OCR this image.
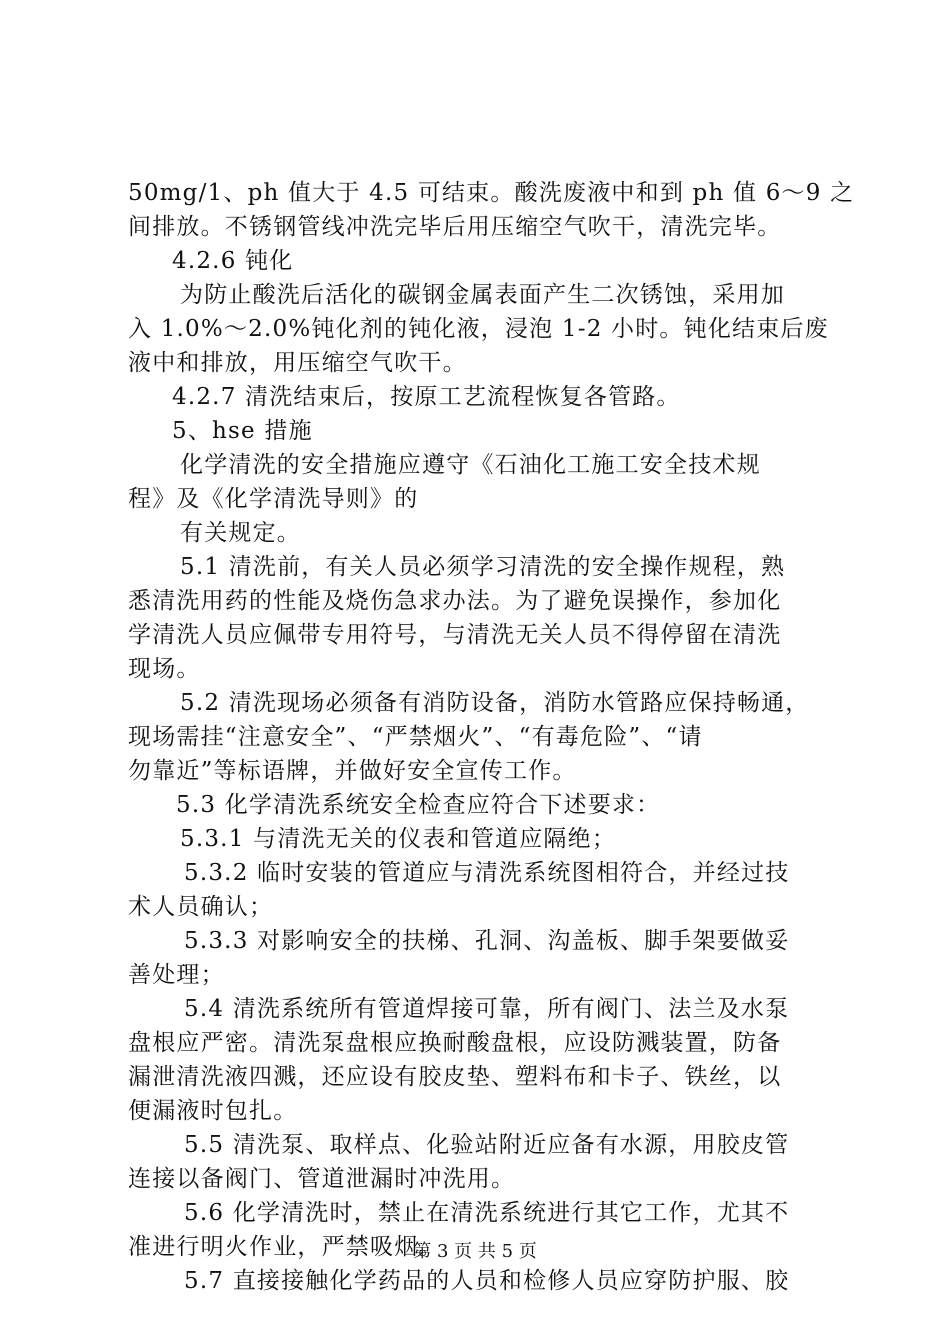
50mg/1、ph 值大于 4.5 可结束。酸洗废液中和到 ph 值 6～9 之
间排放。不锈钢管线冲洗完毕后用压缩空气吹干，清洗完毕。
4.2.6 钝化
为防止酸洗后活化的碳钢金属表面产生二次锈蚀，采用加
入 1.0%～2.0%钝化剂的钝化液，浸泡 1-2 小时。钝化结束后废
液中和排放，用压缩空气吹干。
4.2.7 清洗结束后，按原工艺流程恢复各管路。
5、hse 措施
化学清洗的安全措施应遵守《石油化工施工安全技术规
程》及《化学清洗导则》的
有关规定。
5.1 清洗前，有关人员必须学习清洗的安全操作规程，熟
悉清洗用药的性能及烧伤急求办法。为了避免误操作，参加化
学清洗人员应佩带专用符号，与清洗无关人员不得停留在清洗
现场。
5.2 清洗现场必须备有消防设备，消防水管路应保持畅通，
现场需挂“注意安全”、“严禁烟火”、“有毒危险”、“请
勿靠近”等标语牌，并做好安全宣传工作。
5.3 化学清洗系统安全检查应符合下述要求：
5.3.1 与清洗无关的仪表和管道应隔绝；
5.3.2 临时安装的管道应与清洗系统图相符合，并经过技
术人员确认；
5.3.3 对影响安全的扶梯、孔洞、沟盖板、脚手架要做妥
善处理；
5.4 清洗系统所有管道焊接可靠，所有阀门、法兰及水泵
盘根应严密。清洗泵盘根应换耐酸盘根，应设防溅装置，防备
漏泄清洗液四溅，还应设有胶皮垫、塑料布和卡子、铁丝，以
便漏液时包扎。
5.5 清洗泵、取样点、化验站附近应备有水源，用胶皮管
连接以备阀门、管道泄漏时冲洗用。
5.6 化学清洗时，禁止在清洗系统进行其它工作，尤其不
准进行明火作业，严禁吸烟。
5.7 直接接触化学药品的人员和检修人员应穿防护服、胶
第 3 页 共 5 页
